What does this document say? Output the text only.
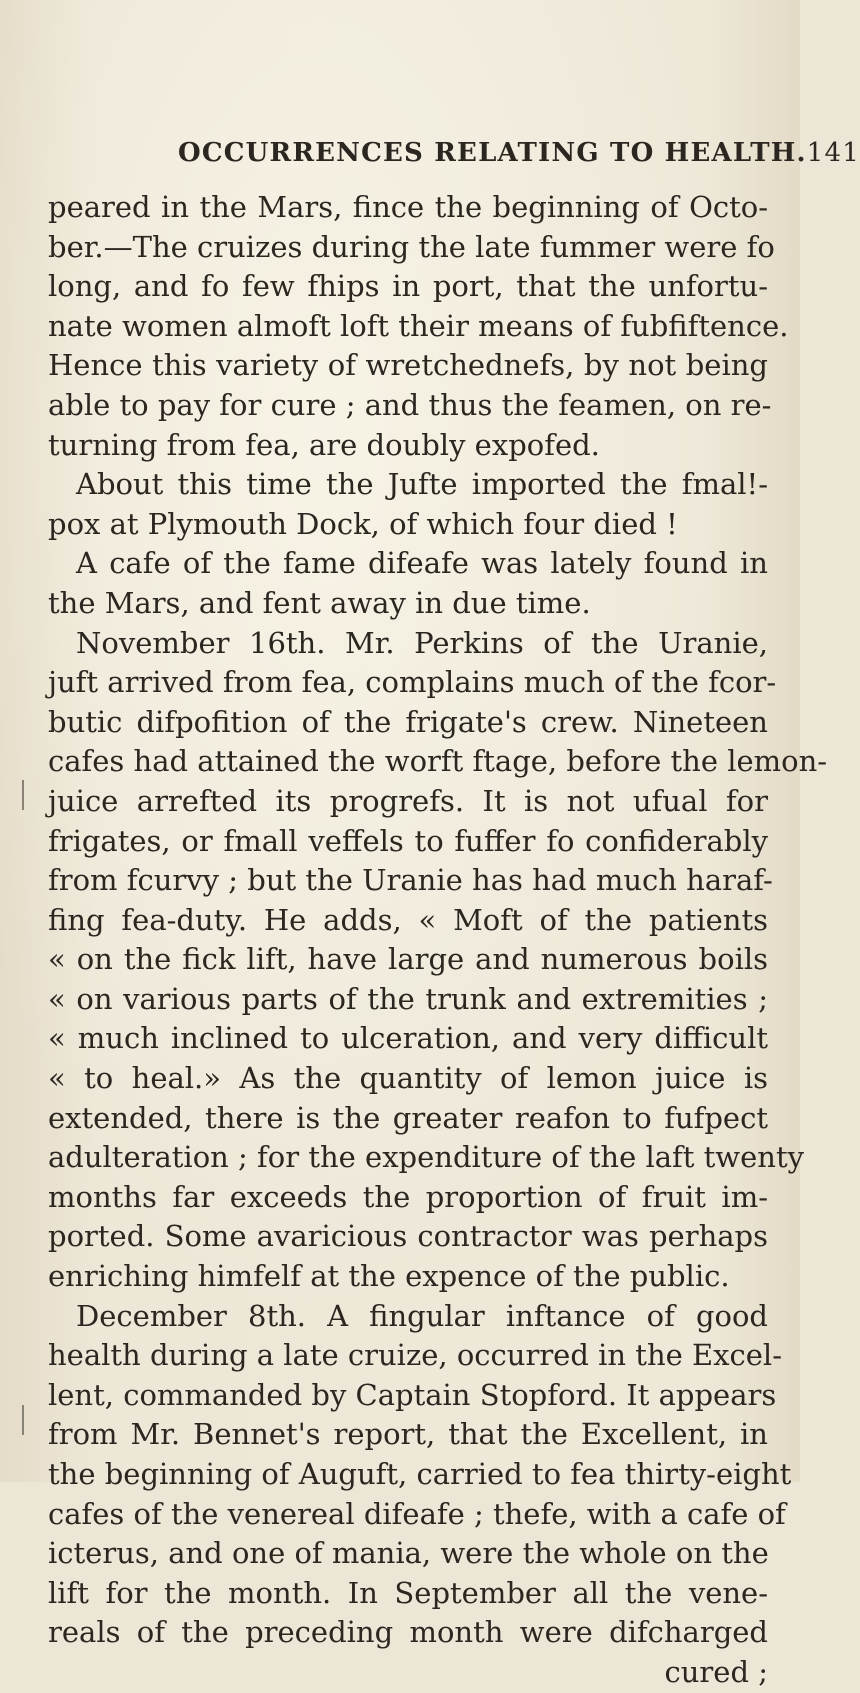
OCCURRENCES RELATING TO HEALTH. 141
peared in the Mars, fince the beginning of Octo-
ber.—The cruizes during the late fummer were fo
long, and fo few fhips in port, that the unfortu-
nate women almoft loft their means of fubfiftence.
Hence this variety of wretchednefs, by not being
able to pay for cure ; and thus the feamen, on re-
turning from fea, are doubly expofed.
About this time the Jufte imported the fmal!-
pox at Plymouth Dock, of which four died !
A cafe of the fame difeafe was lately found in
the Mars, and fent away in due time.
November 16th. Mr. Perkins of the Uranie,
juft arrived from fea, complains much of the fcor-
butic difpofition of the frigate's crew. Nineteen
cafes had attained the worft ftage, before the lemon-
juice arrefted its progrefs. It is not ufual for
frigates, or fmall veffels to fuffer fo confiderably
from fcurvy ; but the Uranie has had much haraf-
fing fea-duty. He adds, « Moft of the patients
« on the fick lift, have large and numerous boils
« on various parts of the trunk and extremities ;
« much inclined to ulceration, and very difficult
« to heal.» As the quantity of lemon juice is
extended, there is the greater reafon to fufpect
adulteration ; for the expenditure of the laft twenty
months far exceeds the proportion of fruit im-
ported. Some avaricious contractor was perhaps
enriching himfelf at the expence of the public.
December 8th. A fingular inftance of good
health during a late cruize, occurred in the Excel-
lent, commanded by Captain Stopford. It appears
from Mr. Bennet's report, that the Excellent, in
the beginning of Auguft, carried to fea thirty-eight
cafes of the venereal difeafe ; thefe, with a cafe of
icterus, and one of mania, were the whole on the
lift for the month. In September all the vene-
reals of the preceding month were difcharged
cured ;
